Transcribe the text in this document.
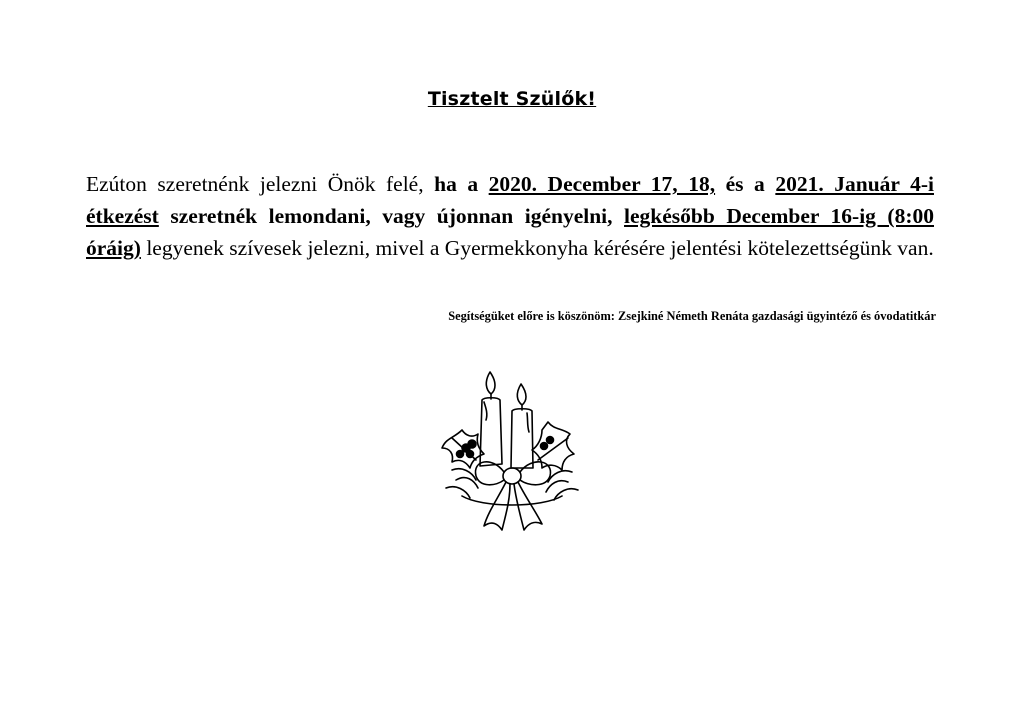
Tisztelt Szülők!

Ezúton szeretnénk jelezni Önök felé, ha a 2020. December 17, 18, és a 2021. Január 4-i étkezést szeretnék lemondani, vagy újonnan igényelni, legkésőbb December 16-ig (8:00 óráig) legyenek szívesek jelezni, mivel a Gyermekkonyha kérésére jelentési kötelezettségünk van.

Segítségüket előre is köszönöm: Zsejkiné Németh Renáta gazdasági ügyintéző és óvodatitkár
